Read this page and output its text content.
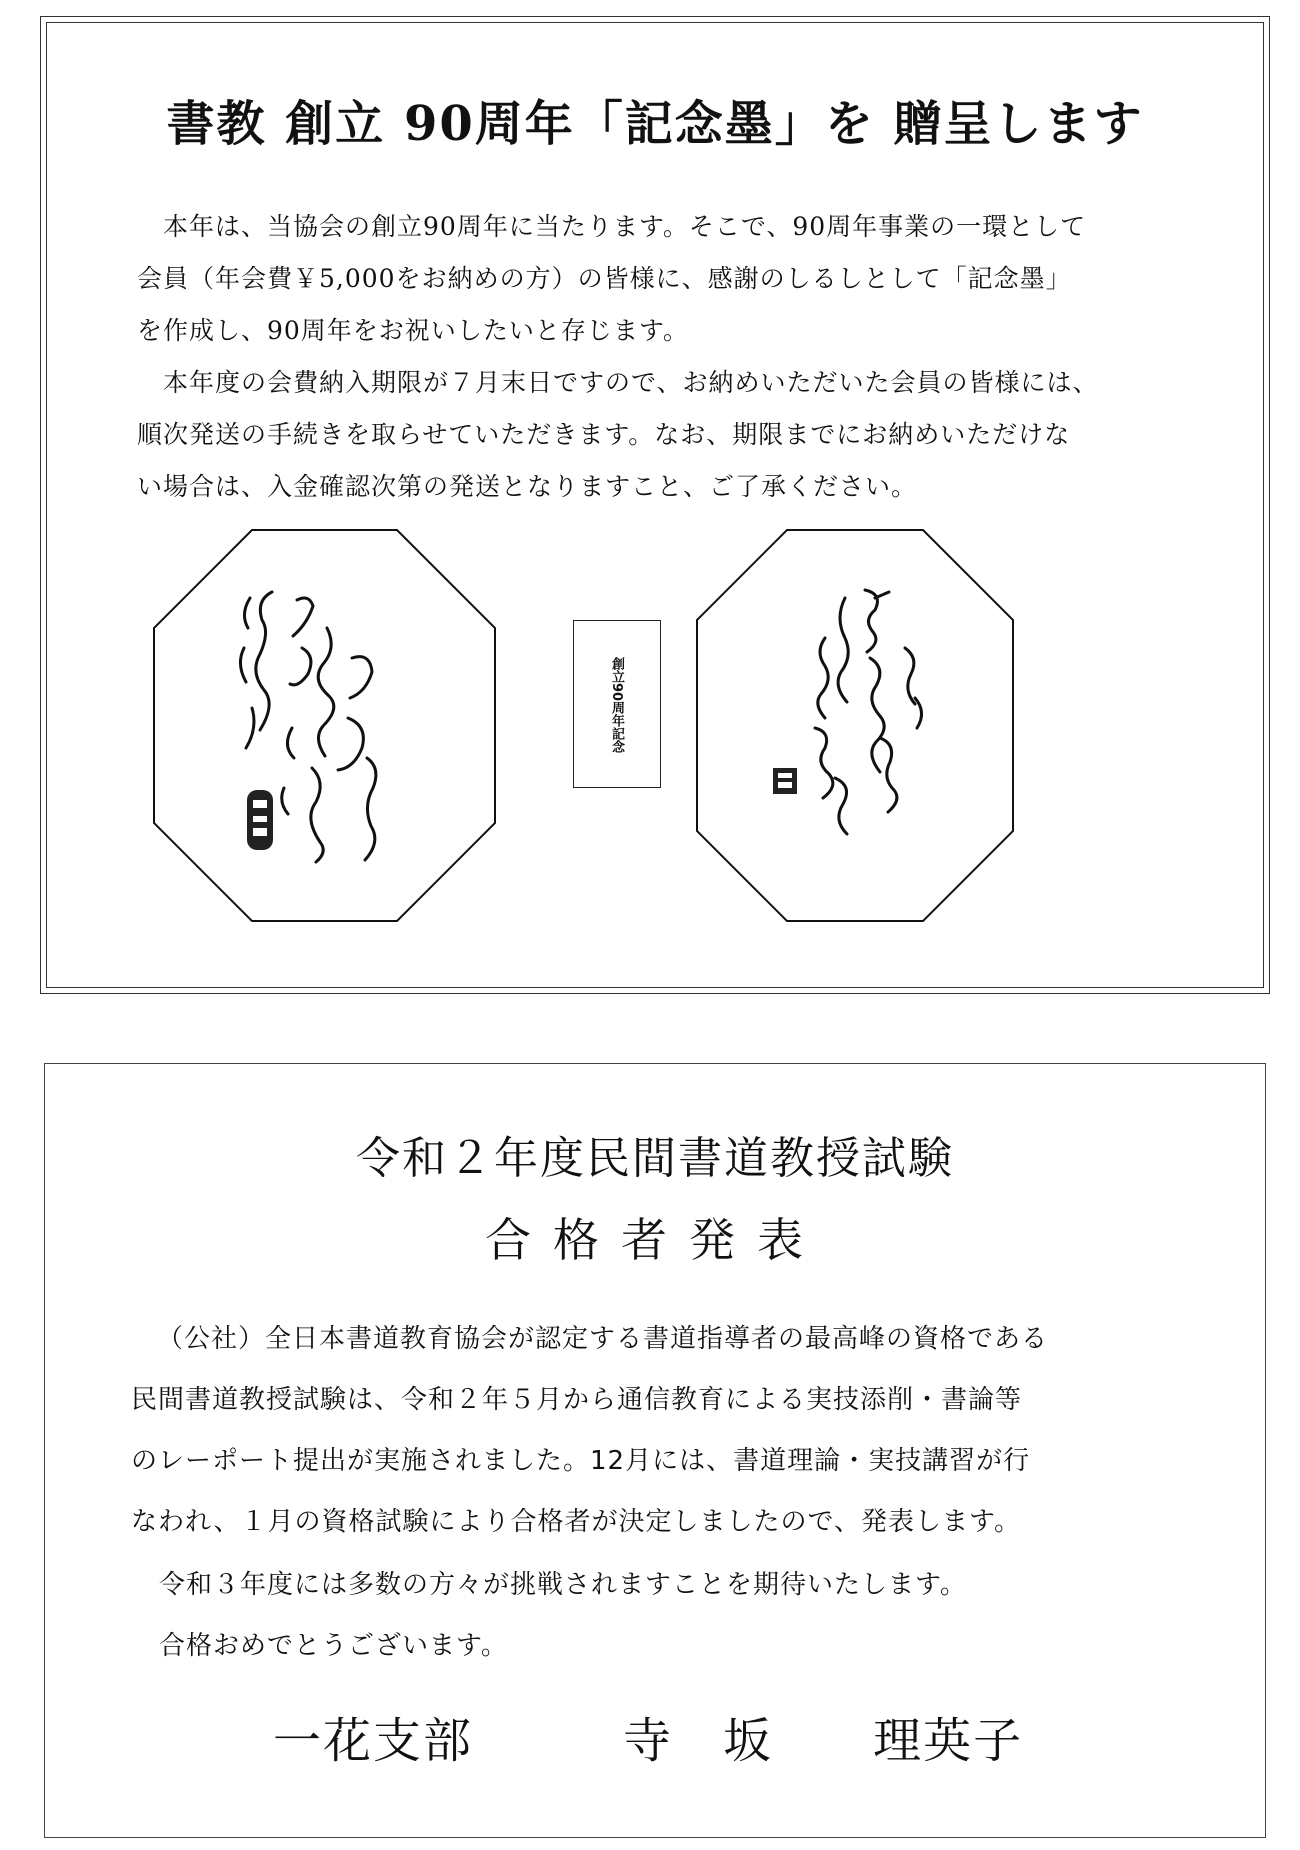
書教 創立 90周年「記念墨」を 贈呈します
本年は、当協会の創立90周年に当たります。そこで、90周年事業の一環として
会員（年会費￥5,000をお納めの方）の皆様に、感謝のしるしとして「記念墨」
を作成し、90周年をお祝いしたいと存じます。
本年度の会費納入期限が７月末日ですので、お納めいただいた会員の皆様には、
順次発送の手続きを取らせていただきます。なお、期限までにお納めいただけな
い場合は、入金確認次第の発送となりますこと、ご了承ください。
創立90周年記念
令和２年度民間書道教授試験
合格者発表
（公社）全日本書道教育協会が認定する書道指導者の最高峰の資格である
民間書道教授試験は、令和２年５月から通信教育による実技添削・書論等
のレーポート提出が実施されました。12月には、書道理論・実技講習が行
なわれ、１月の資格試験により合格者が決定しましたので、発表します。
令和３年度には多数の方々が挑戦されますことを期待いたします。
合格おめでとうございます。
一花支部　　　	寺　坂　　 理英子
